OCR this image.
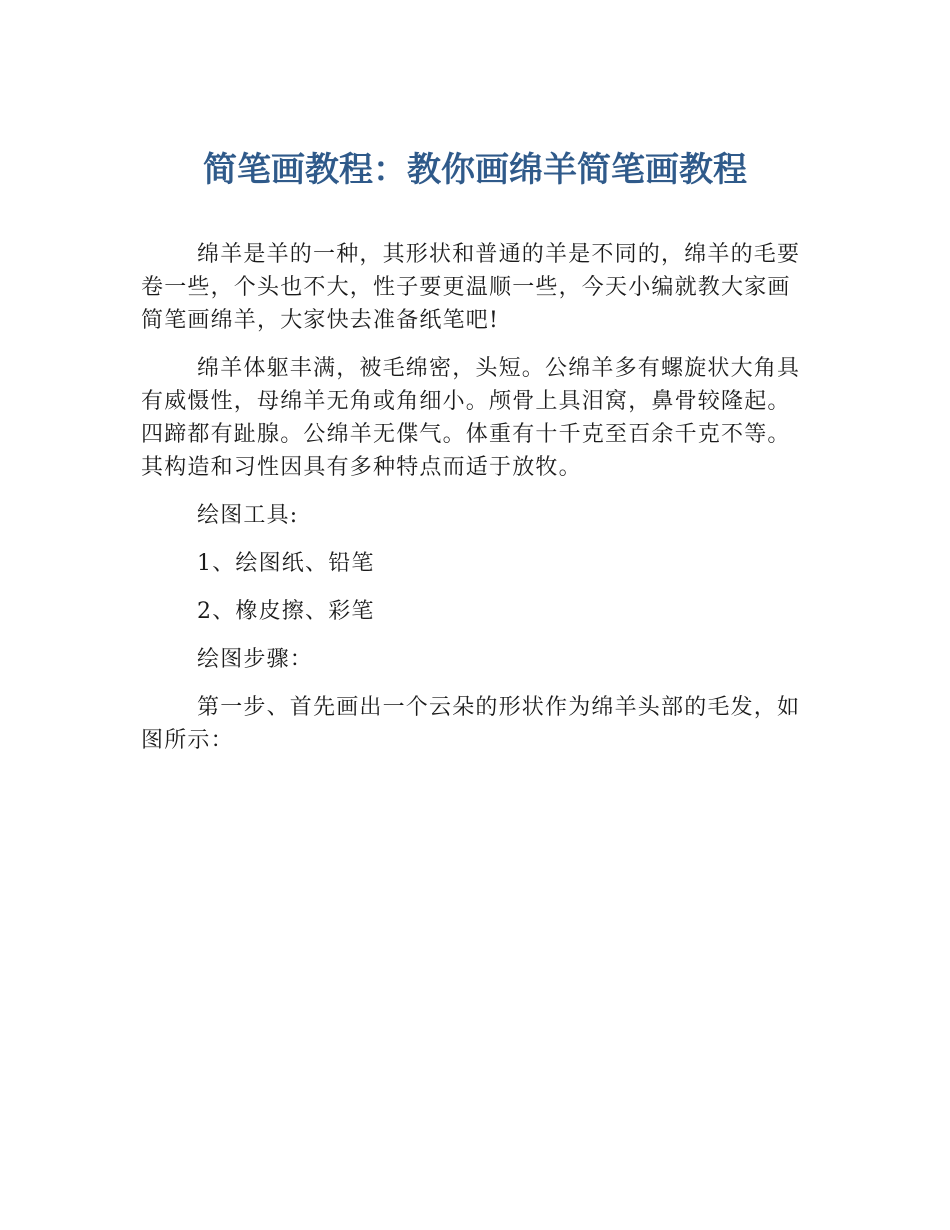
简笔画教程：教你画绵羊简笔画教程

绵羊是羊的一种，其形状和普通的羊是不同的，绵羊的毛要卷一些，个头也不大，性子要更温顺一些，今天小编就教大家画简笔画绵羊，大家快去准备纸笔吧!

绵羊体躯丰满，被毛绵密，头短。公绵羊多有螺旋状大角具有威慑性，母绵羊无角或角细小。颅骨上具泪窝，鼻骨较隆起。四蹄都有趾腺。公绵羊无偞气。体重有十千克至百余千克不等。其构造和习性因具有多种特点而适于放牧。

绘图工具:

1、绘图纸、铅笔

2、橡皮擦、彩笔

绘图步骤：

第一步、首先画出一个云朵的形状作为绵羊头部的毛发，如图所示：
